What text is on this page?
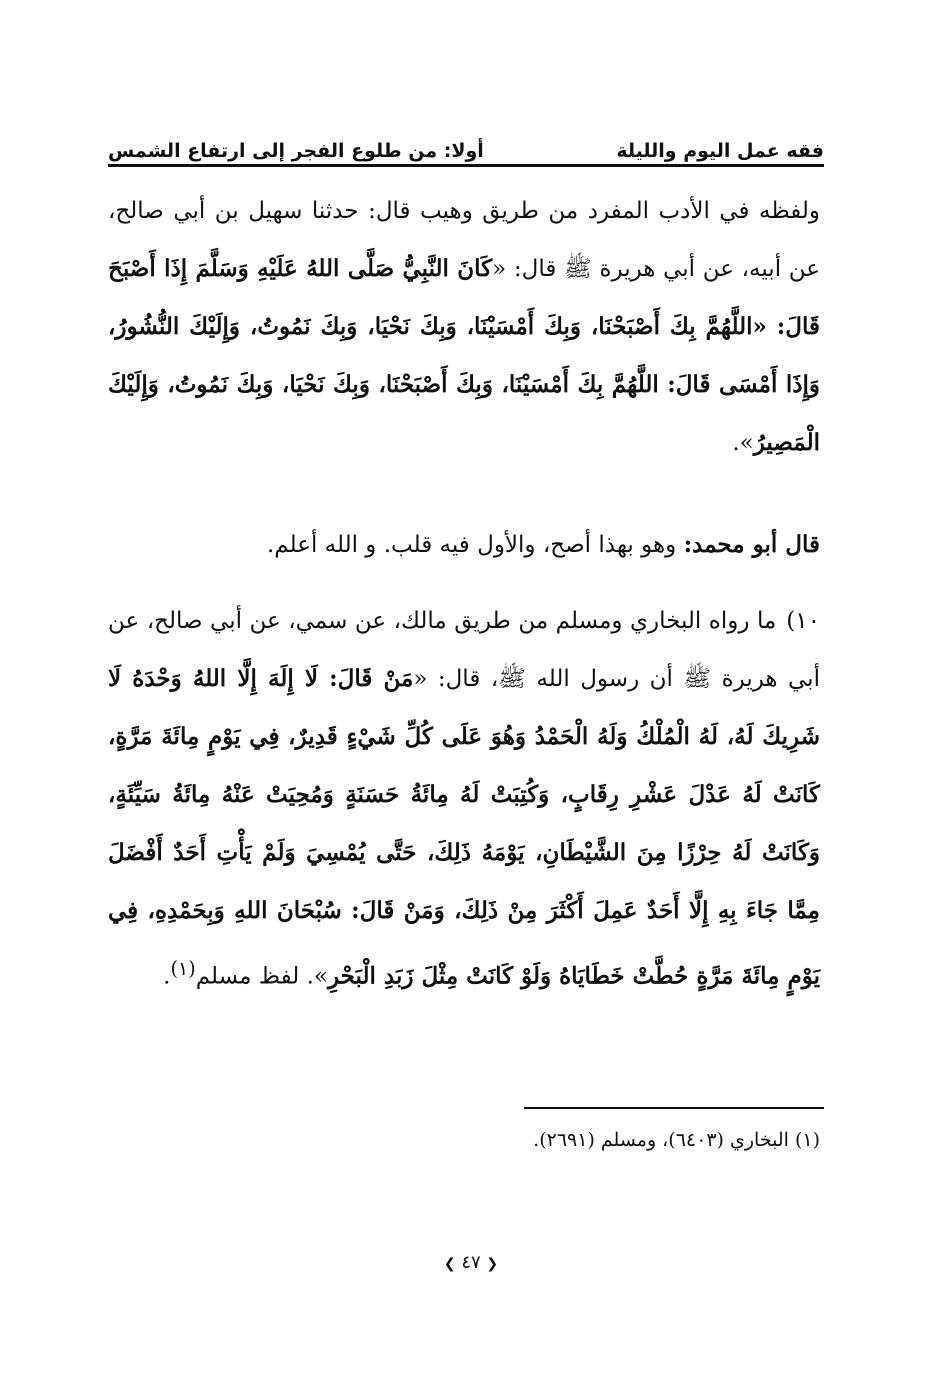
فقه عمل اليوم والليلة
أولا: من طلوع الفجر إلى ارتفاع الشمس
ولفظه في الأدب المفرد من طريق وهيب قال: حدثنا سهيل بن أبي صالح، عن أبيه، عن أبي هريرة ﷺ قال: «كَانَ النَّبِيُّ صَلَّى اللهُ عَلَيْهِ وَسَلَّمَ إِذَا أَصْبَحَ قَالَ: «اللَّهُمَّ بِكَ أَصْبَحْنَا، وَبِكَ أَمْسَيْنَا، وَبِكَ نَحْيَا، وَبِكَ نَمُوتُ، وَإِلَيْكَ النُّشُورُ، وَإِذَا أَمْسَى قَالَ: اللَّهُمَّ بِكَ أَمْسَيْنَا، وَبِكَ أَصْبَحْنَا، وَبِكَ نَحْيَا، وَبِكَ نَمُوتُ، وَإِلَيْكَ الْمَصِيرُ».
قال أبو محمد: وهو بهذا أصح، والأول فيه قلب. و الله أعلم.
١٠)ما رواه البخاري ومسلم من طريق مالك، عن سمي، عن أبي صالح، عن أبي هريرة ﷺ أن رسول الله ﷺ، قال: «مَنْ قَالَ: لَا إِلَهَ إِلَّا اللهُ وَحْدَهُ لَا شَرِيكَ لَهُ، لَهُ الْمُلْكُ وَلَهُ الْحَمْدُ وَهُوَ عَلَى كُلِّ شَيْءٍ قَدِيرٌ، فِي يَوْمٍ مِائَةَ مَرَّةٍ، كَانَتْ لَهُ عَدْلَ عَشْرِ رِقَابٍ، وَكُتِبَتْ لَهُ مِائَةُ حَسَنَةٍ وَمُحِيَتْ عَنْهُ مِائَةُ سَيِّئَةٍ، وَكَانَتْ لَهُ حِرْزًا مِنَ الشَّيْطَانِ، يَوْمَهُ ذَلِكَ، حَتَّى يُمْسِيَ وَلَمْ يَأْتِ أَحَدٌ أَفْضَلَ مِمَّا جَاءَ بِهِ إِلَّا أَحَدٌ عَمِلَ أَكْثَرَ مِنْ ذَلِكَ، وَمَنْ قَالَ: سُبْحَانَ اللهِ وَبِحَمْدِهِ، فِي يَوْمٍ مِائَةَ مَرَّةٍ حُطَّتْ خَطَايَاهُ وَلَوْ كَانَتْ مِثْلَ زَبَدِ الْبَحْرِ». لفظ مسلم$^{(١)}$.
(١) البخاري (٦٤٠٣)، ومسلم (٢٦٩١).
❮ ٤٧ ❯
